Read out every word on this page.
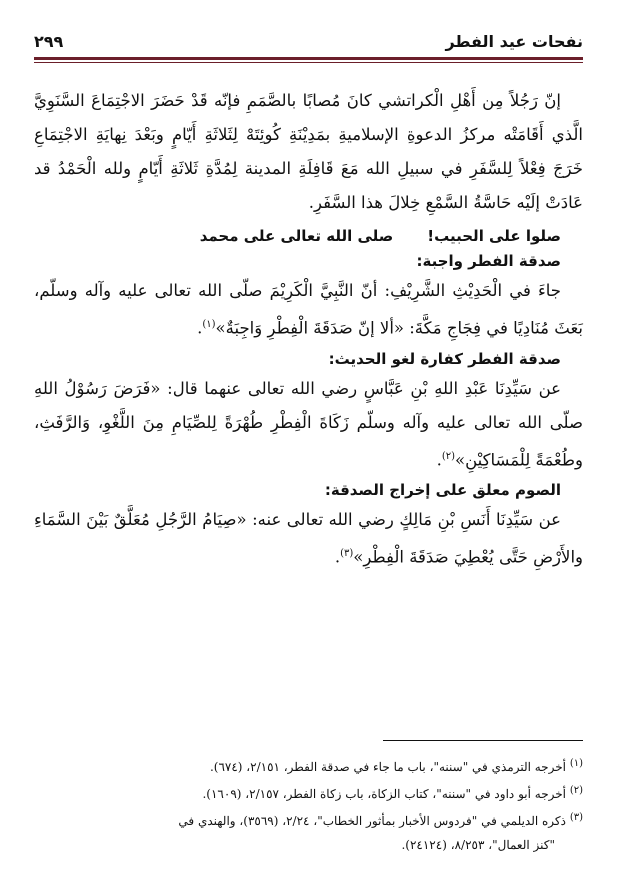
نفحات عيد الفطر
٢٩٩

إنّ رَجُلاً مِن أَهْلِ الْكراتشي كانَ مُصابًا بالصَّمَمِ فإنّه قَدْ حَضَرَ الاجْتِمَاعَ السَّنَوِيَّ الَّذي أَقَامَتْه مركزُ الدعوةِ الإسلاميةِ بمَدِيْنَةِ كُوئِتَهْ لِثَلاثَةِ أَيّامٍ وبَعْدَ نِهايَةِ الاجْتِمَاعِ خَرَجَ فِعْلاً لِلسَّفَرِ في سبيلِ الله مَعَ قَافِلَةِ المدينة لِمُدَّةِ ثَلاثَةِ أَيّامٍ ولله الْحَمْدُ قد عَادَتْ إلَيْه حَاسَّةُ السَّمْعِ خِلالَ هذا السَّفَرِ.

صلوا على الحبيب!
صلى الله تعالى على محمد

صدقة الفطر واجبة:

جاءَ في الْحَدِيْثِ الشَّرِيْفِ: أنّ النَّبِيَّ الْكَرِيْمَ صلّى الله تعالى عليه وآله وسلّم، بَعَثَ مُنَادِيًا في فِجَاجِ مَكَّةَ: «ألا إنّ صَدَقَةَ الْفِطْرِ وَاجِبَةٌ»$^{(١)}$.

صدقة الفطر كفارة لغو الحديث:

عن سَيِّدِنَا عَبْدِ اللهِ بْنِ عَبَّاسٍ رضي الله تعالى عنهما قال: «فَرَضَ رَسُوْلُ اللهِ صلّى الله تعالى عليه وآله وسلّم زَكَاةَ الْفِطْرِ طُهْرَةً لِلصِّيَامِ مِنَ اللَّغْوِ، وَالرَّفَثِ، وطُعْمَةً لِلْمَسَاكِيْنِ»$^{(٢)}$.

الصوم معلق على إخراج الصدقة:

عن سَيِّدِنَا أَنَسِ بْنِ مَالِكٍ رضي الله تعالى عنه: «صِيَامُ الرَّجُلِ مُعَلَّقٌ بَيْنَ السَّمَاءِ والأَرْضِ حَتَّى يُعْطِيَ صَدَقَةَ الْفِطْرِ»$^{(٣)}$.

$^{(١)}$ أخرجه الترمذي في "سننه"، باب ما جاء في صدقة الفطر، ٢/١٥١، (٦٧٤).

$^{(٢)}$ أخرجه أبو داود في "سننه"، كتاب الزكاة، باب زكاة الفطر، ٢/١٥٧، (١٦٠٩).

$^{(٣)}$ ذكره الديلمي في "فردوس الأخبار بمأثور الخطاب"، ٢/٢٤، (٣٥٦٩)، والهندي في

"كنز العمال"، ٨/٢٥٣، (٢٤١٢٤).
